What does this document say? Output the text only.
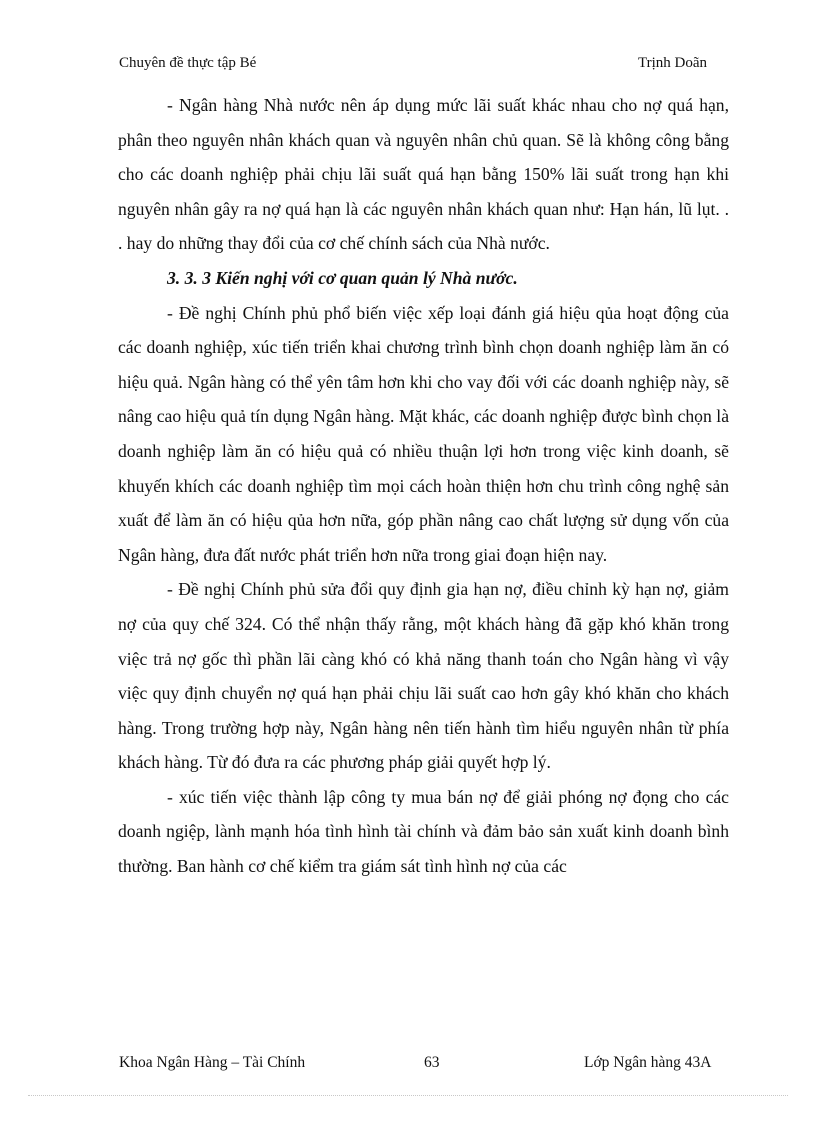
Chuyên đề thực tập Bé	Trịnh Doãn

- Ngân hàng Nhà nước nên áp dụng mức lãi suất khác nhau cho nợ quá hạn, phân theo nguyên nhân khách quan và nguyên nhân chủ quan. Sẽ là không công bằng cho các doanh nghiệp phải chịu lãi suất quá hạn bằng 150% lãi suất trong hạn khi nguyên nhân gây ra nợ quá hạn là các nguyên nhân khách quan như: Hạn hán, lũ lụt. . . hay do những thay đổi của cơ chế chính sách của Nhà nước.

3. 3. 3 Kiến nghị với cơ quan quản lý Nhà nước.

- Đề nghị Chính phủ phổ biến việc xếp loại đánh giá hiệu qủa hoạt động của các doanh nghiệp, xúc tiến triển khai chương trình bình chọn doanh nghiệp làm ăn có hiệu quả. Ngân hàng có thể yên tâm hơn khi cho vay đối với các doanh nghiệp này, sẽ nâng cao hiệu quả tín dụng Ngân hàng. Mặt khác, các doanh nghiệp được bình chọn là doanh nghiệp làm ăn có hiệu quả có nhiều thuận lợi hơn trong việc kinh doanh, sẽ khuyến khích các doanh nghiệp tìm mọi cách hoàn thiện hơn chu trình công nghệ sản xuất để làm ăn có hiệu qủa hơn nữa, góp phần nâng cao chất lượng sử dụng vốn của Ngân hàng, đưa đất nước phát triển hơn nữa trong giai đoạn hiện nay.

- Đề nghị Chính phủ sửa đổi quy định gia hạn nợ, điều chỉnh kỳ hạn nợ, giảm nợ của quy chế 324. Có thể nhận thấy rằng, một khách hàng đã gặp khó khăn trong việc trả nợ gốc thì phần lãi càng khó có khả năng thanh toán cho Ngân hàng vì vậy việc quy định chuyển nợ quá hạn phải chịu lãi suất cao hơn gây khó khăn cho khách hàng. Trong trường hợp này, Ngân hàng nên tiến hành tìm hiểu nguyên nhân từ phía khách hàng. Từ đó đưa ra các phương pháp giải quyết hợp lý.

- xúc tiến việc thành lập công ty mua bán nợ để giải phóng nợ đọng cho các doanh ngiệp, lành mạnh hóa tình hình tài chính và đảm bảo sản xuất kinh doanh bình thường. Ban hành cơ chế kiểm tra giám sát tình hình nợ của các

Khoa Ngân Hàng – Tài Chính	63	Lớp Ngân hàng 43A
